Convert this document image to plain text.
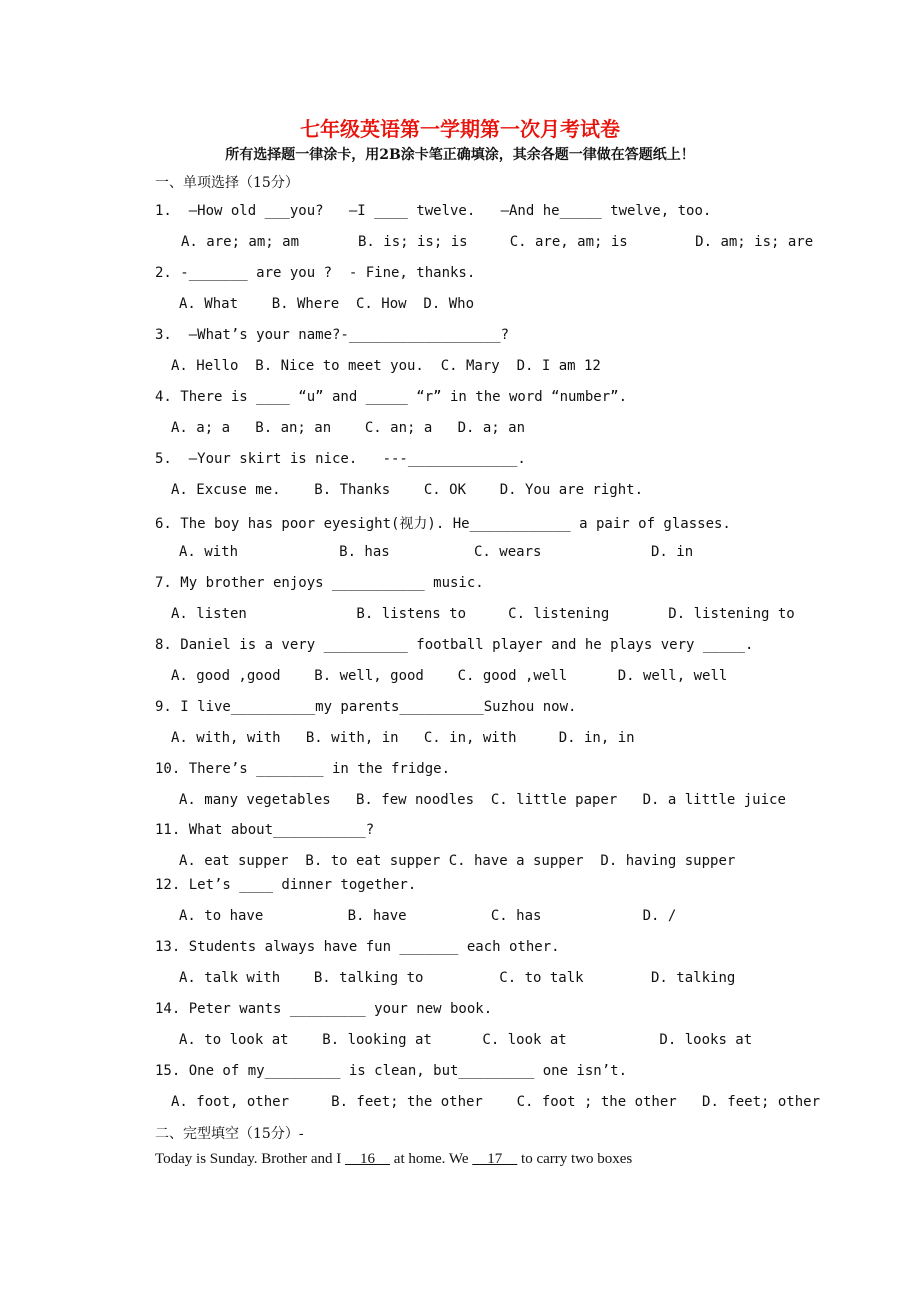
七年级英语第一学期第一次月考试卷
所有选择题一律涂卡，用2B涂卡笔正确填涂，其余各题一律做在答题纸上！
一、单项选择（15分）
1.  –How old ___you?   –I ____ twelve.   –And he_____ twelve, too.
A. are; am; am       B. is; is; is     C. are, am; is        D. am; is; are
2. -_______ are you ?  - Fine, thanks.
A. What    B. Where  C. How  D. Who
3.  –What’s your name?-__________________?
A. Hello  B. Nice to meet you.  C. Mary  D. I am 12
4. There is ____ “u” and _____ “r” in the word “number”.
A. a; a   B. an; an    C. an; a   D. a; an
5.  –Your skirt is nice.   ---_____________.
A. Excuse me.    B. Thanks    C. OK    D. You are right.
6. The boy has poor eyesight(视力). He____________ a pair of glasses.
A. with            B. has          C. wears             D. in
7. My brother enjoys ___________ music.
A. listen             B. listens to     C. listening       D. listening to
8. Daniel is a very __________ football player and he plays very _____.
A. good ,good    B. well, good    C. good ,well      D. well, well
9. I live__________my parents__________Suzhou now.
A. with, with   B. with, in   C. in, with     D. in, in
10. There’s ________ in the fridge.
A. many vegetables   B. few noodles  C. little paper   D. a little juice
11. What about___________?
A. eat supper  B. to eat supper C. have a supper  D. having supper
12. Let’s ____ dinner together.
A. to have          B. have          C. has            D. /
13. Students always have fun _______ each other.
A. talk with    B. talking to         C. to talk        D. talking
14. Peter wants _________ your new book.
A. to look at    B. looking at      C. look at           D. looks at
15. One of my_________ is clean, but_________ one isn’t.
A. foot, other     B. feet; the other    C. foot ; the other   D. feet; other
二、完型填空（15分）-
Today is Sunday. Brother and I     16     at home. We     17     to carry two boxes
